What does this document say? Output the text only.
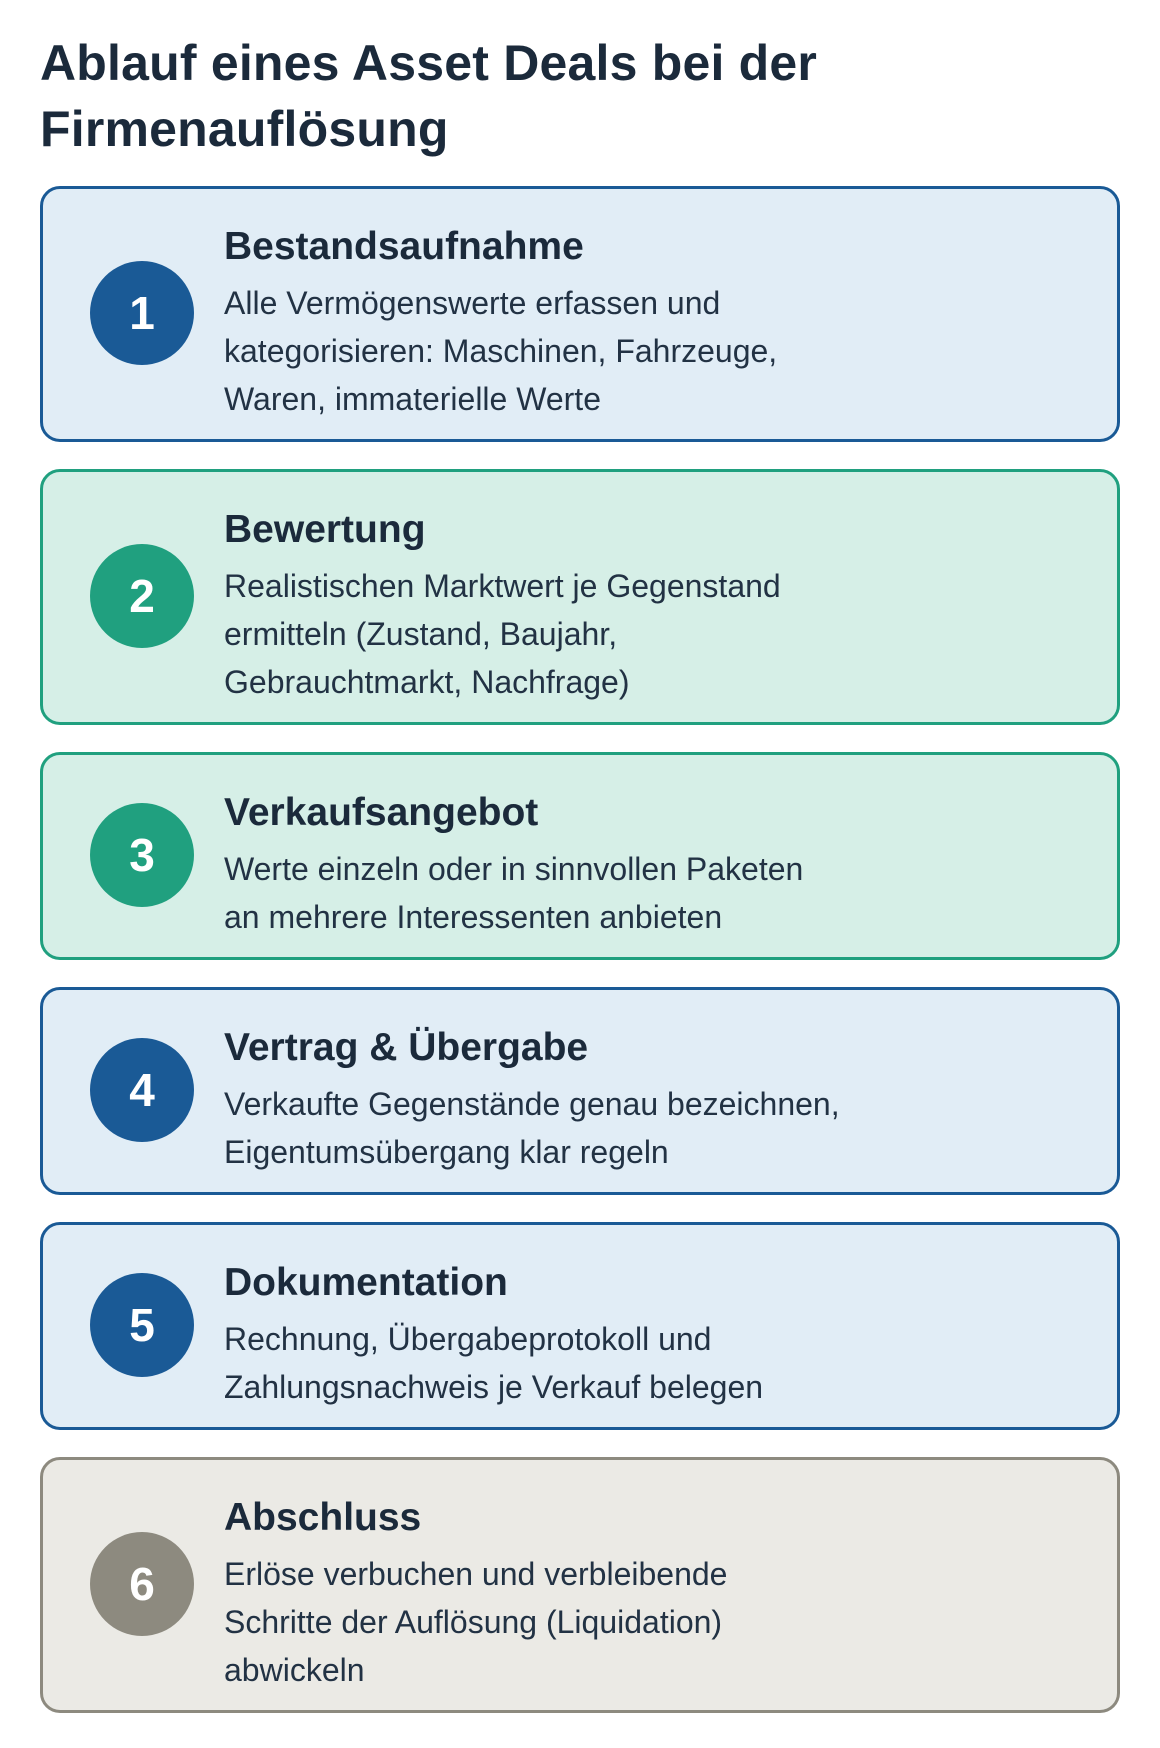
Ablauf eines Asset Deals bei der
Firmenauflösung
1
Bestandsaufnahme

Alle Vermögenswerte erfassen und
kategorisieren: Maschinen, Fahrzeuge,
Waren, immaterielle Werte

2
Bewertung

Realistischen Marktwert je Gegenstand
ermitteln (Zustand, Baujahr,
Gebrauchtmarkt, Nachfrage)

3
Verkaufsangebot

Werte einzeln oder in sinnvollen Paketen
an mehrere Interessenten anbieten

4
Vertrag & Übergabe

Verkaufte Gegenstände genau bezeichnen,
Eigentumsübergang klar regeln

5
Dokumentation

Rechnung, Übergabeprotokoll und
Zahlungsnachweis je Verkauf belegen

6
Abschluss

Erlöse verbuchen und verbleibende
Schritte der Auflösung (Liquidation)
abwickeln
